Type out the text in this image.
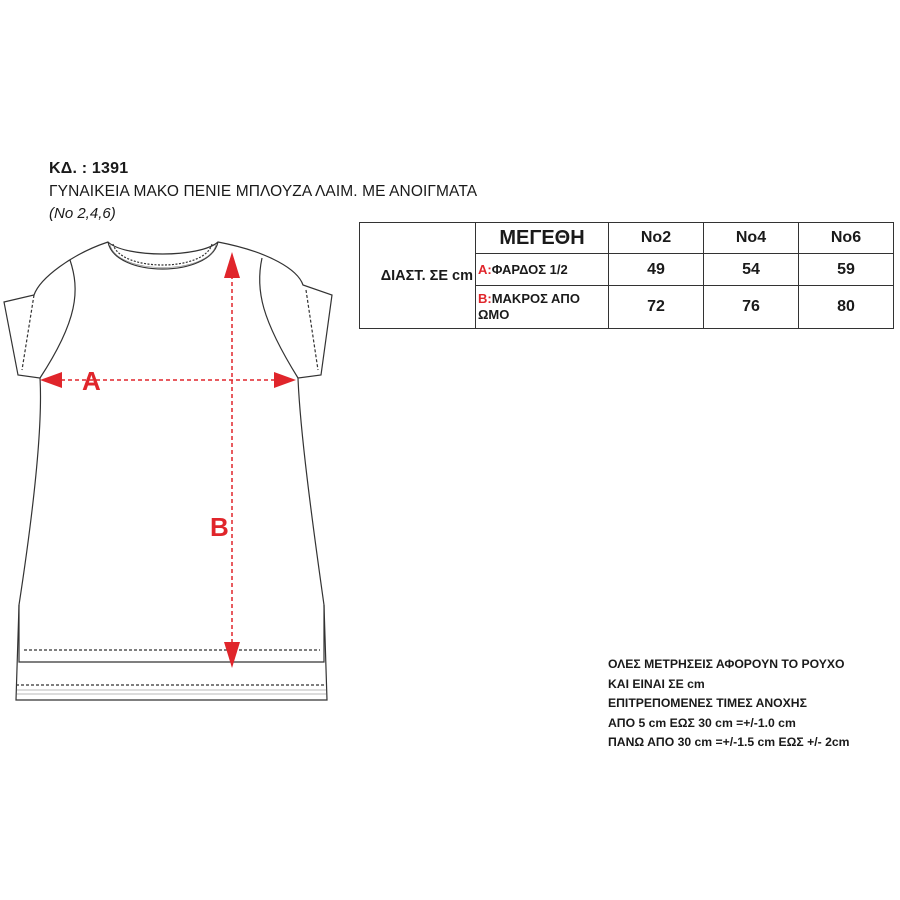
ΚΔ. : 1391
ΓΥΝΑΙΚΕΙΑ ΜΑΚΟ ΠΕΝΙΕ ΜΠΛΟΥΖΑ ΛΑΙΜ. ΜΕ ΑΝΟΙΓΜΑΤΑ
(No 2,4,6)
A
B
ΔΙΑΣΤ. ΣΕ cm	ΜΕΓΕΘΗ	No2	No4	No6
	A:ΦΑΡΔΟΣ 1/2	49	54	59
	B:ΜΑΚΡΟΣ ΑΠΟ ΩΜΟ	72	76	80
ΟΛΕΣ ΜΕΤΡΗΣΕΙΣ ΑΦΟΡΟΥΝ ΤΟ ΡΟΥΧΟ
ΚΑΙ ΕΙΝΑΙ ΣΕ cm
ΕΠΙΤΡΕΠΟΜΕΝΕΣ ΤΙΜΕΣ ΑΝΟΧΗΣ
ΑΠΟ 5 cm ΕΩΣ 30 cm =+/-1.0 cm
ΠΑΝΩ ΑΠΟ 30 cm =+/-1.5 cm ΕΩΣ +/- 2cm
